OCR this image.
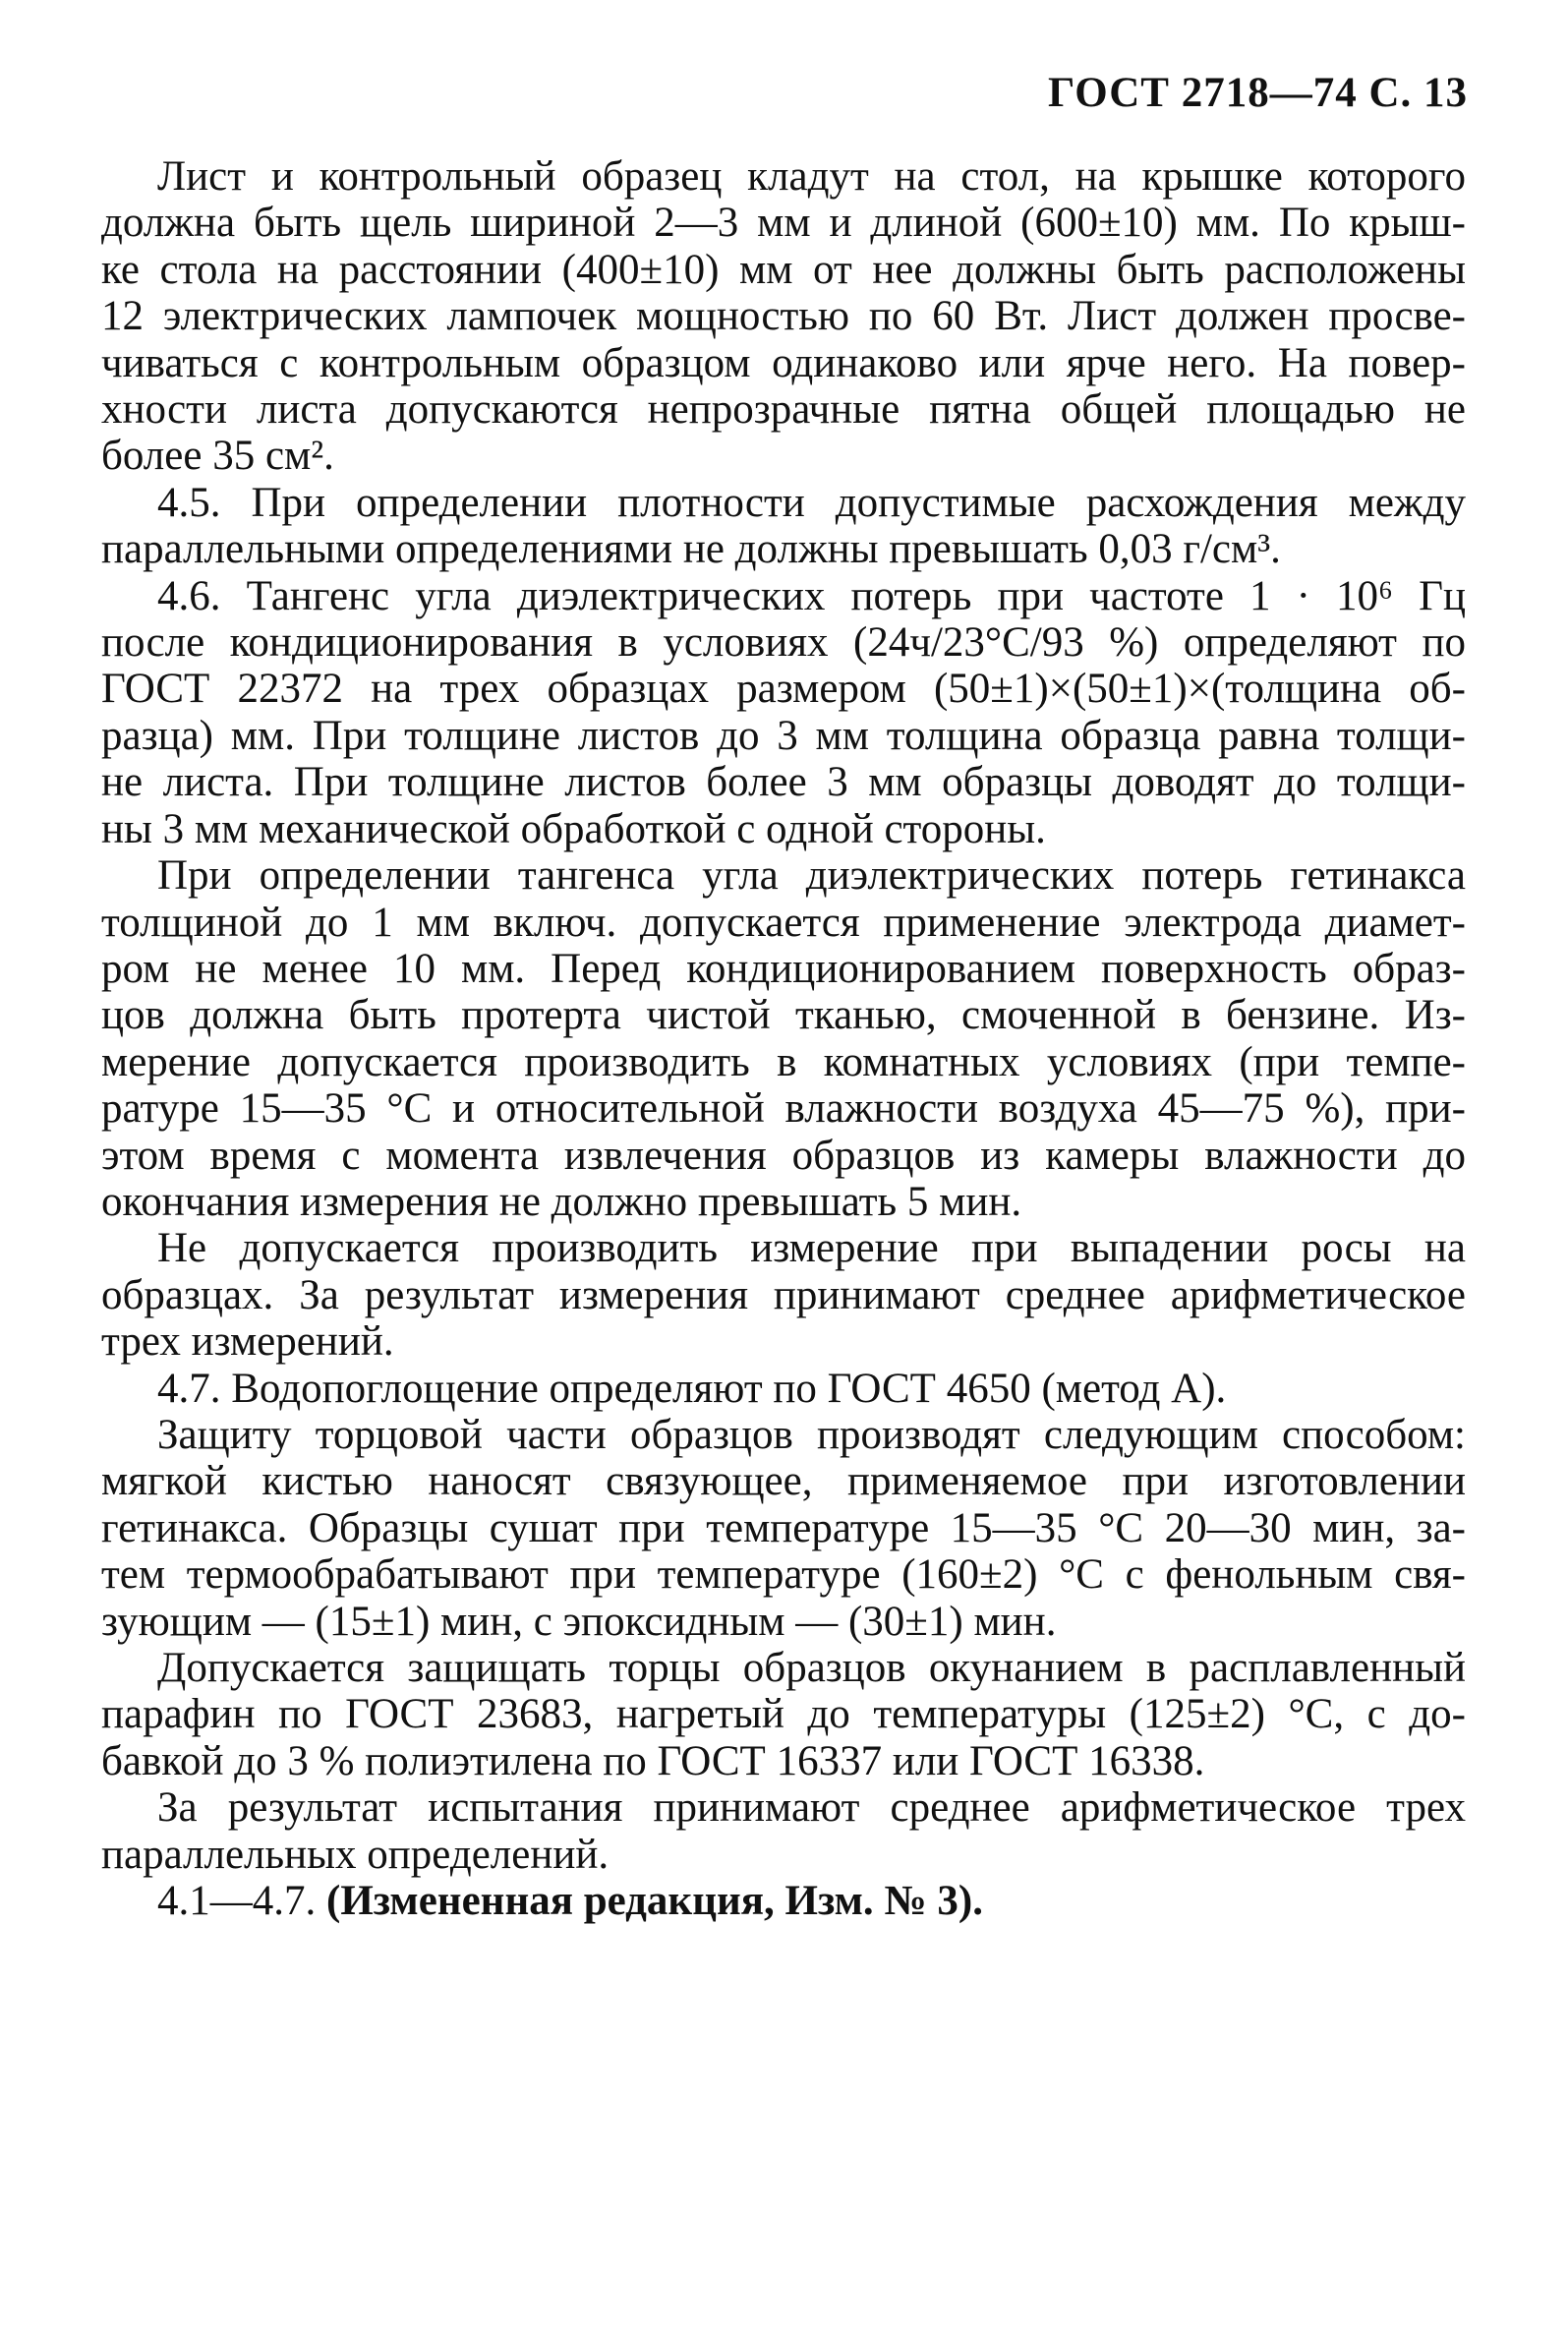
ГОСТ 2718—74 С. 13
Лист и контрольный образец кладут на стол, на крышке которого
должна быть щель шириной 2—3 мм и длиной (600±10) мм. По крыш-
ке стола на расстоянии (400±10) мм от нее должны быть расположены
12 электрических лампочек мощностью по 60 Вт. Лист должен просве-
чиваться с контрольным образцом одинаково или ярче него. На повер-
хности листа допускаются непрозрачные пятна общей площадью не
более 35 см².
4.5. При определении плотности допустимые расхождения между
параллельными определениями не должны превышать 0,03 г/см³.
4.6. Тангенс угла диэлектрических потерь при частоте 1 · 10⁶ Гц
после кондиционирования в условиях (24ч/23°С/93 %) определяют по
ГОСТ 22372 на трех образцах размером (50±1)×(50±1)×(толщина об-
разца) мм. При толщине листов до 3 мм толщина образца равна толщи-
не листа. При толщине листов более 3 мм образцы доводят до толщи-
ны 3 мм механической обработкой с одной стороны.
При определении тангенса угла диэлектрических потерь гетинакса
толщиной до 1 мм включ. допускается применение электрода диамет-
ром не менее 10 мм. Перед кондиционированием поверхность образ-
цов должна быть протерта чистой тканью, смоченной в бензине. Из-
мерение допускается производить в комнатных условиях (при темпе-
ратуре 15—35 °С и относительной влажности воздуха 45—75 %), при-
этом время с момента извлечения образцов из камеры влажности до
окончания измерения не должно превышать 5 мин.
Не допускается производить измерение при выпадении росы на
образцах. За результат измерения принимают среднее арифметическое
трех измерений.
4.7. Водопоглощение определяют по ГОСТ 4650 (метод А).
Защиту торцовой части образцов производят следующим способом:
мягкой кистью наносят связующее, применяемое при изготовлении
гетинакса. Образцы сушат при температуре 15—35 °С 20—30 мин, за-
тем термообрабатывают при температуре (160±2) °С с фенольным свя-
зующим — (15±1) мин, с эпоксидным — (30±1) мин.
Допускается защищать торцы образцов окунанием в расплавленный
парафин по ГОСТ 23683, нагретый до температуры (125±2) °С, с до-
бавкой до 3 % полиэтилена по ГОСТ 16337 или ГОСТ 16338.
За результат испытания принимают среднее арифметическое трех
параллельных определений.
4.1—4.7. (Измененная редакция, Изм. № 3).
